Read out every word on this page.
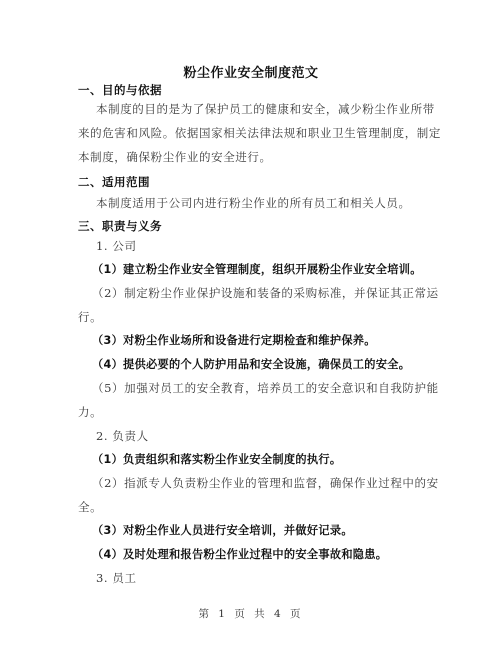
粉尘作业安全制度范文
一、目的与依据
本制度的目的是为了保护员工的健康和安全，减少粉尘作业所带
来的危害和风险。依据国家相关法律法规和职业卫生管理制度，制定
本制度，确保粉尘作业的安全进行。
二、适用范围
本制度适用于公司内进行粉尘作业的所有员工和相关人员。
三、职责与义务
1. 公司
（1）建立粉尘作业安全管理制度，组织开展粉尘作业安全培训。
（2）制定粉尘作业保护设施和装备的采购标准，并保证其正常运
行。
（3）对粉尘作业场所和设备进行定期检查和维护保养。
（4）提供必要的个人防护用品和安全设施，确保员工的安全。
（5）加强对员工的安全教育，培养员工的安全意识和自我防护能
力。
2. 负责人
（1）负责组织和落实粉尘作业安全制度的执行。
（2）指派专人负责粉尘作业的管理和监督，确保作业过程中的安
全。
（3）对粉尘作业人员进行安全培训，并做好记录。
（4）及时处理和报告粉尘作业过程中的安全事故和隐患。
3. 员工
第 1 页 共 4 页
